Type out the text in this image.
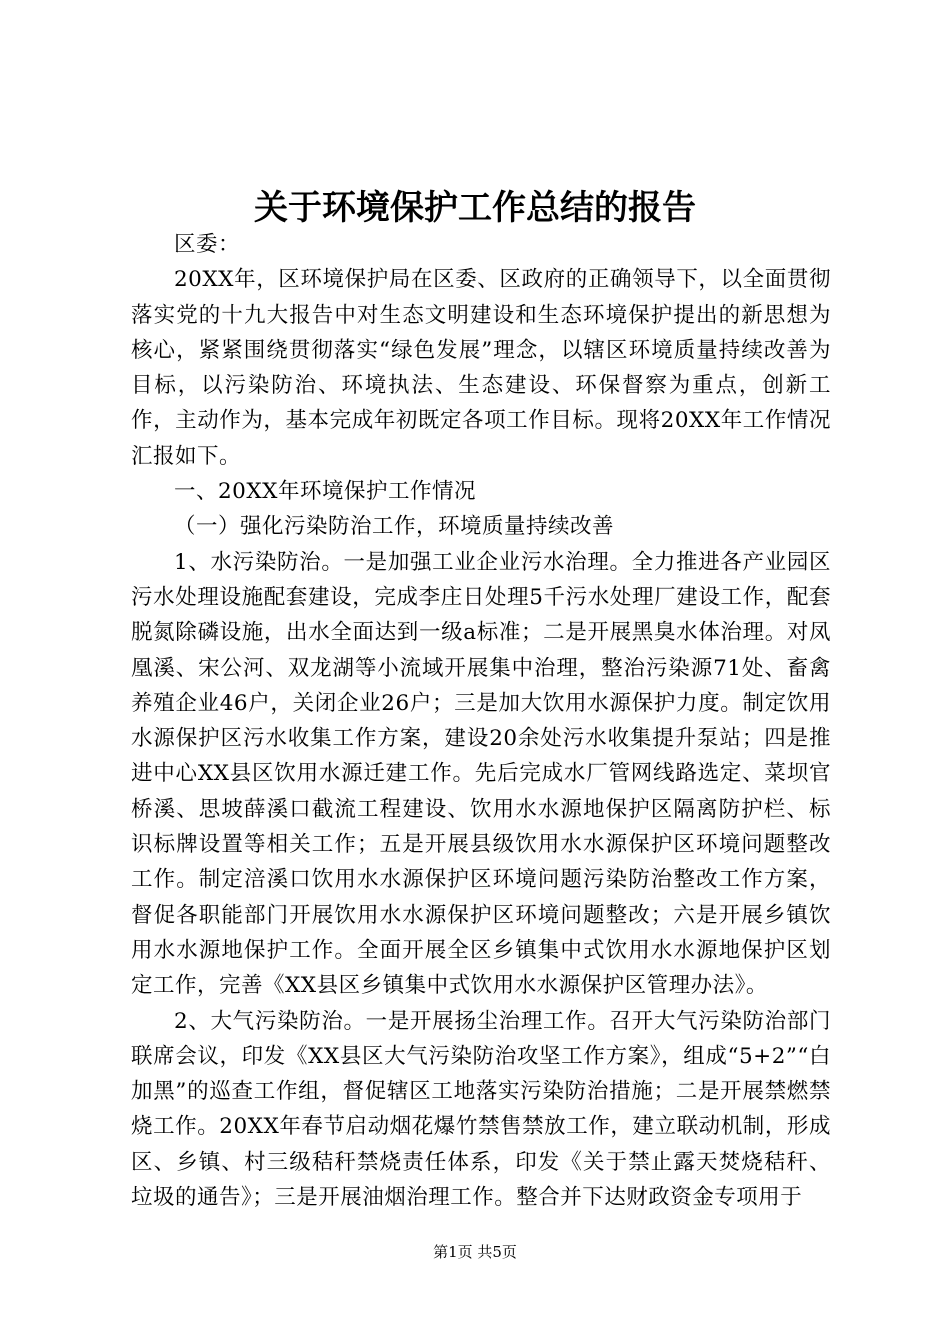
关于环境保护工作总结的报告

区委：

20XX年，区环境保护局在区委、区政府的正确领导下，以全面贯彻落实党的十九大报告中对生态文明建设和生态环境保护提出的新思想为核心，紧紧围绕贯彻落实“绿色发展”理念，以辖区环境质量持续改善为目标，以污染防治、环境执法、生态建设、环保督察为重点，创新工作，主动作为，基本完成年初既定各项工作目标。现将20XX年工作情况汇报如下。

一、20XX年环境保护工作情况

（一）强化污染防治工作，环境质量持续改善

1、水污染防治。一是加强工业企业污水治理。全力推进各产业园区污水处理设施配套建设，完成李庄日处理5千污水处理厂建设工作，配套脱氮除磷设施，出水全面达到一级a标准；二是开展黑臭水体治理。对凤凰溪、宋公河、双龙湖等小流域开展集中治理，整治污染源71处、畜禽养殖企业46户，关闭企业26户；三是加大饮用水源保护力度。制定饮用水源保护区污水收集工作方案，建设20余处污水收集提升泵站；四是推进中心XX县区饮用水源迁建工作。先后完成水厂管网线路选定、菜坝官桥溪、思坡薛溪口截流工程建设、饮用水水源地保护区隔离防护栏、标识标牌设置等相关工作；五是开展县级饮用水水源保护区环境问题整改工作。制定涪溪口饮用水水源保护区环境问题污染防治整改工作方案，督促各职能部门开展饮用水水源保护区环境问题整改；六是开展乡镇饮用水水源地保护工作。全面开展全区乡镇集中式饮用水水源地保护区划定工作，完善《XX县区乡镇集中式饮用水水源保护区管理办法》。

2、大气污染防治。一是开展扬尘治理工作。召开大气污染防治部门联席会议，印发《XX县区大气污染防治攻坚工作方案》，组成“5+2”“白加黑”的巡查工作组，督促辖区工地落实污染防治措施；二是开展禁燃禁烧工作。20XX年春节启动烟花爆竹禁售禁放工作，建立联动机制，形成区、乡镇、村三级秸秆禁烧责任体系，印发《关于禁止露天焚烧秸秆、垃圾的通告》；三是开展油烟治理工作。整合并下达财政资金专项用于

第1页 共5页
